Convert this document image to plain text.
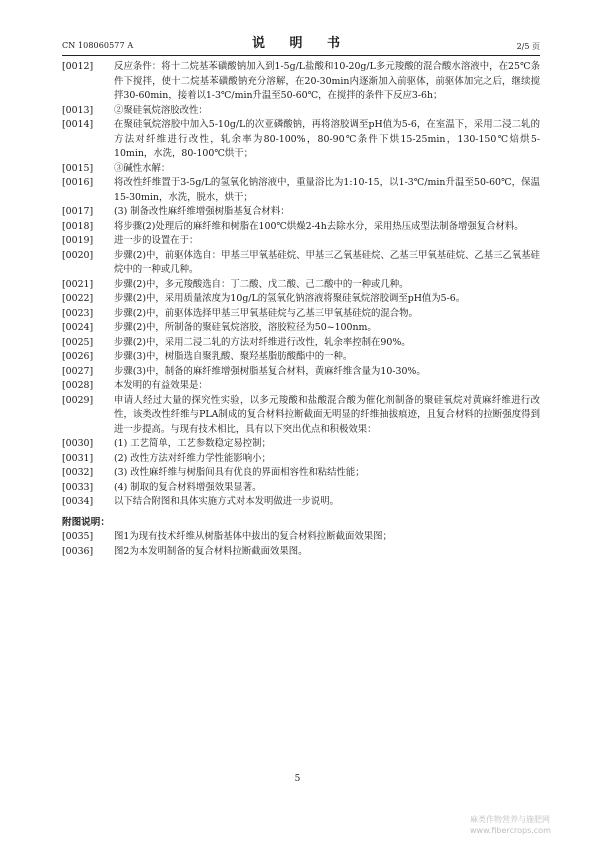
CN 108060577 A	说 明 书	2/5 页
[0012]	反应条件：将十二烷基苯磺酸钠加入到1-5g/L盐酸和10-20g/L多元羧酸的混合酸水溶液中，在25℃条件下搅拌，使十二烷基苯磺酸钠充分溶解，在20-30min内逐渐加入前驱体，前驱体加完之后，继续搅拌30-60min，接着以1-3℃/min升温至50-60℃，在搅拌的条件下反应3-6h；
[0013]	②聚硅氧烷溶胶改性：
[0014]	在聚硅氧烷溶胶中加入5-10g/L的次亚磷酸钠，再将溶胶调至pH值为5-6，在室温下，采用二浸二轧的方法对纤维进行改性，轧余率为80-100%，80-90℃条件下烘15-25min，130-150℃焙烘5-10min，水洗，80-100℃烘干；
[0015]	③碱性水解：
[0016]	将改性纤维置于3-5g/L的氢氧化钠溶液中，重量浴比为1:10-15，以1-3℃/min升温至50-60℃，保温15-30min，水洗，脱水，烘干；
[0017]	(3) 制备改性麻纤维增强树脂基复合材料：
[0018]	将步骤(2)处理后的麻纤维和树脂在100℃烘燥2-4h去除水分，采用热压成型法制备增强复合材料。
[0019]	进一步的设置在于：
[0020]	步骤(2)中，前驱体选自：甲基三甲氧基硅烷、甲基三乙氧基硅烷、乙基三甲氧基硅烷、乙基三乙氧基硅烷中的一种或几种。
[0021]	步骤(2)中，多元羧酸选自：丁二酸、戊二酸、己二酸中的一种或几种。
[0022]	步骤(2)中，采用质量浓度为10g/L的氢氧化钠溶液将聚硅氧烷溶胶调至pH值为5-6。
[0023]	步骤(2)中，前驱体选择甲基三甲氧基硅烷与乙基三甲氧基硅烷的混合物。
[0024]	步骤(2)中，所制备的聚硅氧烷溶胶，溶胶粒径为50~100nm。
[0025]	步骤(2)中，采用二浸二轧的方法对纤维进行改性，轧余率控制在90%。
[0026]	步骤(3)中，树脂选自聚乳酸、聚羟基脂肪酸酯中的一种。
[0027]	步骤(3)中，制备的麻纤维增强树脂基复合材料，黄麻纤维含量为10-30%。
[0028]	本发明的有益效果是：
[0029]	申请人经过大量的探究性实验，以多元羧酸和盐酸混合酸为催化剂制备的聚硅氧烷对黄麻纤维进行改性，该类改性纤维与PLA制成的复合材料拉断截面无明显的纤维抽拔痕迹，且复合材料的拉断强度得到进一步提高。与现有技术相比，具有以下突出优点和积极效果：
[0030]	(1) 工艺简单，工艺参数稳定易控制；
[0031]	(2) 改性方法对纤维力学性能影响小；
[0032]	(3) 改性麻纤维与树脂间具有优良的界面相容性和粘结性能；
[0033]	(4) 制取的复合材料增强效果显著。
[0034]	以下结合附图和具体实施方式对本发明做进一步说明。
附图说明：
[0035]	图1为现有技术纤维从树脂基体中拔出的复合材料拉断截面效果图；
[0036]	图2为本发明制备的复合材料拉断截面效果图。
5
麻类作物营养与施肥网
www.fibercrops.com
